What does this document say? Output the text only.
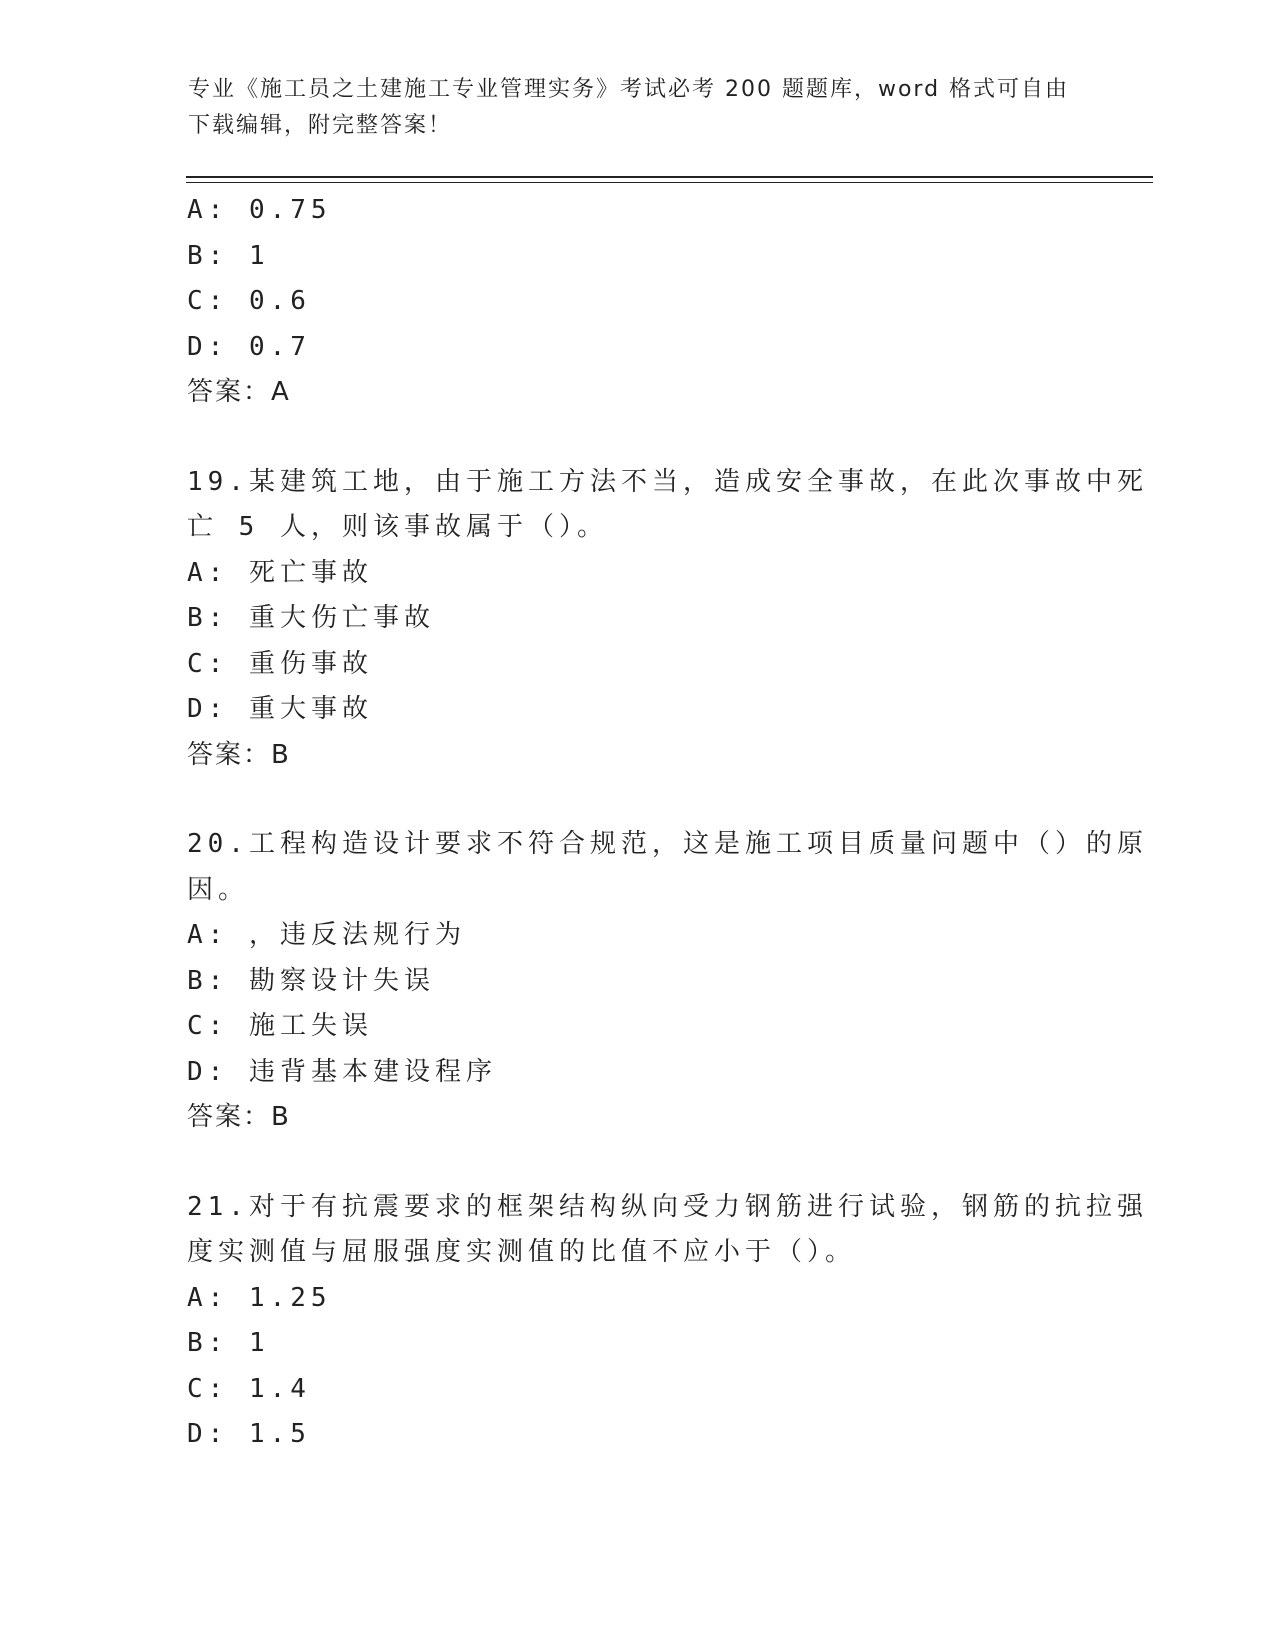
专业《施工员之土建施工专业管理实务》考试必考 200 题题库，word 格式可自由
下载编辑，附完整答案！
A: 0.75
B: 1
C: 0.6
D: 0.7
答案：A
19.某建筑工地，由于施工方法不当，造成安全事故，在此次事故中死
亡 5 人，则该事故属于（）。
A: 死亡事故
B: 重大伤亡事故
C: 重伤事故
D: 重大事故
答案：B
20.工程构造设计要求不符合规范，这是施工项目质量问题中（）的原
因。
A: ，违反法规行为
B: 勘察设计失误
C: 施工失误
D: 违背基本建设程序
答案：B
21.对于有抗震要求的框架结构纵向受力钢筋进行试验，钢筋的抗拉强
度实测值与屈服强度实测值的比值不应小于（）。
A: 1.25
B: 1
C: 1.4
D: 1.5
